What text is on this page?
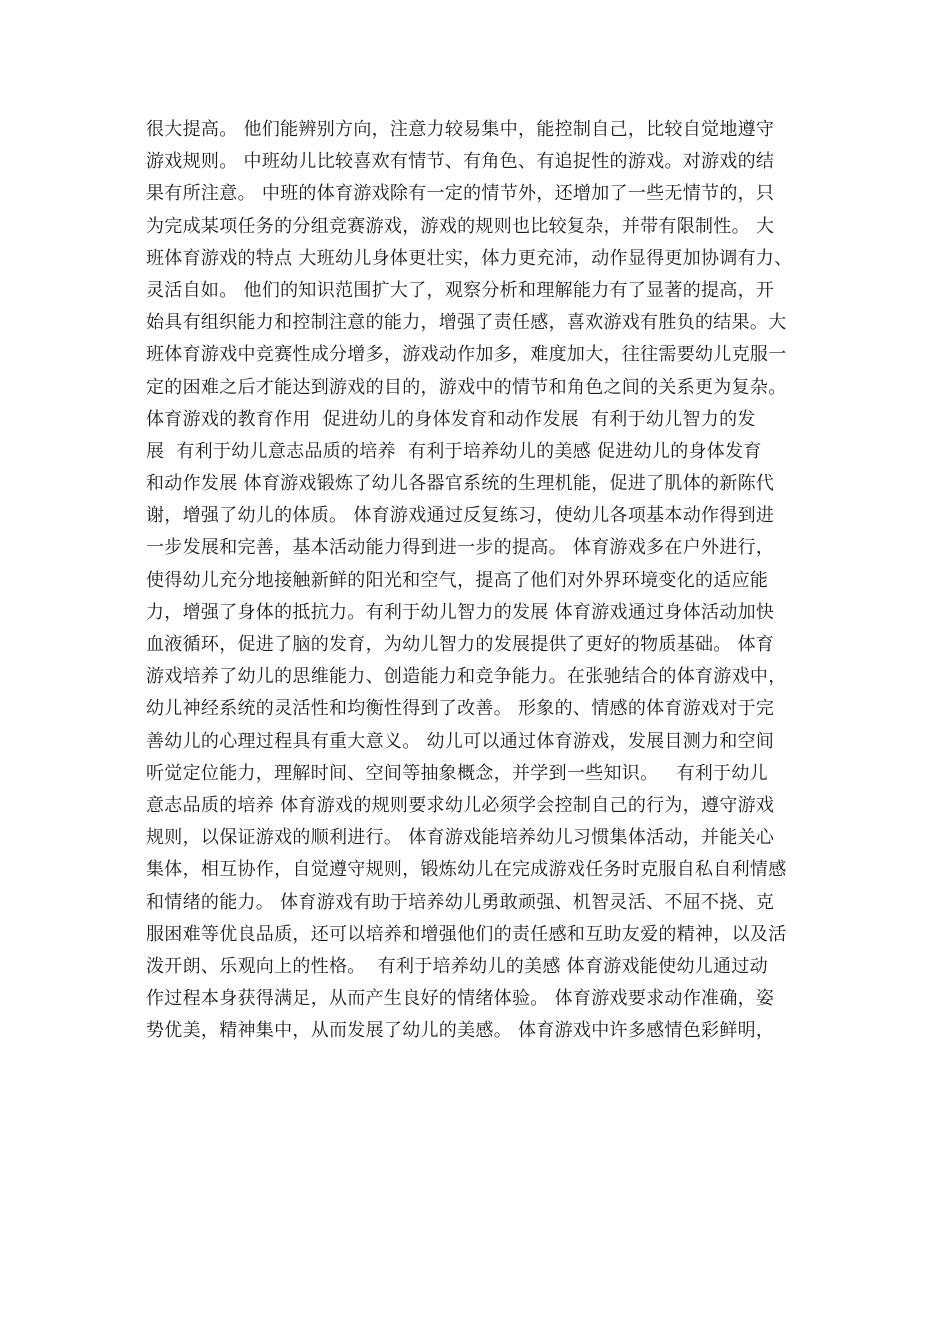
很大提高。 他们能辨别方向，注意力较易集中，能控制自己，比较自觉地遵守
游戏规则。 中班幼儿比较喜欢有情节、有角色、有追捉性的游戏。对游戏的结
果有所注意。 中班的体育游戏除有一定的情节外，还增加了一些无情节的，只
为完成某项任务的分组竞赛游戏，游戏的规则也比较复杂，并带有限制性。 大
班体育游戏的特点 大班幼儿身体更壮实，体力更充沛，动作显得更加协调有力、
灵活自如。 他们的知识范围扩大了，观察分析和理解能力有了显著的提高，开
始具有组织能力和控制注意的能力，增强了责任感，喜欢游戏有胜负的结果。大
班体育游戏中竞赛性成分增多，游戏动作加多，难度加大，往往需要幼儿克服一
定的困难之后才能达到游戏的目的，游戏中的情节和角色之间的关系更为复杂。
体育游戏的教育作用  促进幼儿的身体发育和动作发展  有利于幼儿智力的发
展  有利于幼儿意志品质的培养  有利于培养幼儿的美感 促进幼儿的身体发育
和动作发展 体育游戏锻炼了幼儿各器官系统的生理机能，促进了肌体的新陈代
谢，增强了幼儿的体质。 体育游戏通过反复练习，使幼儿各项基本动作得到进
一步发展和完善，基本活动能力得到进一步的提高。 体育游戏多在户外进行，
使得幼儿充分地接触新鲜的阳光和空气，提高了他们对外界环境变化的适应能
力，增强了身体的抵抗力。有利于幼儿智力的发展 体育游戏通过身体活动加快
血液循环，促进了脑的发育，为幼儿智力的发展提供了更好的物质基础。 体育
游戏培养了幼儿的思维能力、创造能力和竞争能力。在张驰结合的体育游戏中，
幼儿神经系统的灵活性和均衡性得到了改善。 形象的、情感的体育游戏对于完
善幼儿的心理过程具有重大意义。 幼儿可以通过体育游戏，发展目测力和空间
听觉定位能力，理解时间、空间等抽象概念，并学到一些知识。   有利于幼儿
意志品质的培养 体育游戏的规则要求幼儿必须学会控制自己的行为，遵守游戏
规则，以保证游戏的顺利进行。 体育游戏能培养幼儿习惯集体活动，并能关心
集体，相互协作，自觉遵守规则，锻炼幼儿在完成游戏任务时克服自私自利情感
和情绪的能力。 体育游戏有助于培养幼儿勇敢顽强、机智灵活、不屈不挠、克
服困难等优良品质，还可以培养和增强他们的责任感和互助友爱的精神，以及活
泼开朗、乐观向上的性格。  有利于培养幼儿的美感 体育游戏能使幼儿通过动
作过程本身获得满足，从而产生良好的情绪体验。 体育游戏要求动作准确，姿
势优美，精神集中，从而发展了幼儿的美感。 体育游戏中许多感情色彩鲜明，
